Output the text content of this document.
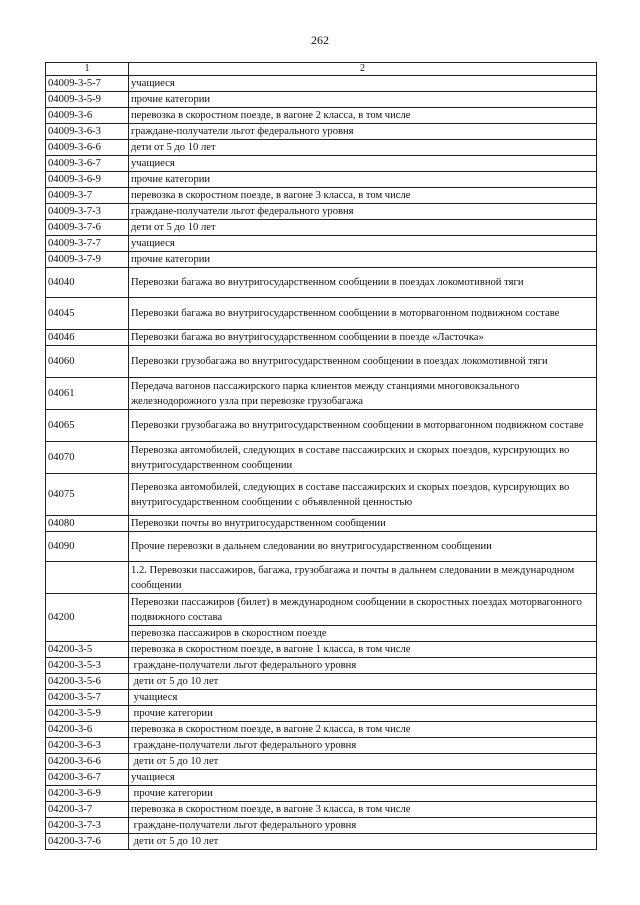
262
1	2
04009-3-5-7	учащиеся
04009-3-5-9	прочие категории
04009-3-6	перевозка в скоростном поезде, в вагоне 2 класса, в том числе
04009-3-6-3	граждане-получатели льгот федерального уровня
04009-3-6-6	дети от 5 до 10 лет
04009-3-6-7	учащиеся
04009-3-6-9	прочие категории
04009-3-7	перевозка в скоростном поезде, в вагоне 3 класса, в том числе
04009-3-7-3	граждане-получатели льгот федерального уровня
04009-3-7-6	дети от 5 до 10 лет
04009-3-7-7	учащиеся
04009-3-7-9	прочие категории
04040	Перевозки багажа во внутригосударственном сообщении в поездах локомотивной тяги
04045	Перевозки багажа во внутригосударственном сообщении в моторвагонном подвижном составе
04046	Перевозки багажа во внутригосударственном сообщении в поезде «Ласточка»
04060	Перевозки грузобагажа во внутригосударственном сообщении в поездах локомотивной тяги
04061	Передача вагонов пассажирского парка клиентов между станциями многовокзального железнодорожного узла при перевозке грузобагажа
04065	Перевозки грузобагажа во внутригосударственном сообщении в моторвагонном подвижном составе
04070	Перевозка автомобилей, следующих в составе пассажирских и скорых поездов, курсирующих во внутригосударственном сообщении
04075	Перевозка автомобилей, следующих в составе пассажирских и скорых поездов, курсирующих во внутригосударственном сообщении с объявленной ценностью
04080	Перевозки почты во внутригосударственном сообщении
04090	Прочие перевозки в дальнем следовании во внутригосударственном сообщении
	1.2. Перевозки пассажиров, багажа, грузобагажа и почты в дальнем следовании в международном сообщении
04200	Перевозки пассажиров (билет) в международном сообщении в скоростных поездах моторвагонного подвижного состава
	перевозка пассажиров в скоростном поезде
04200-3-5	перевозка в скоростном поезде, в вагоне 1 класса, в том числе
04200-3-5-3	граждане-получатели льгот федерального уровня
04200-3-5-6	дети от 5 до 10 лет
04200-3-5-7	учащиеся
04200-3-5-9	прочие категории
04200-3-6	перевозка в скоростном поезде, в вагоне 2 класса, в том числе
04200-3-6-3	граждане-получатели льгот федерального уровня
04200-3-6-6	дети от 5 до 10 лет
04200-3-6-7	учащиеся
04200-3-6-9	прочие категории
04200-3-7	перевозка в скоростном поезде, в вагоне 3 класса, в том числе
04200-3-7-3	граждане-получатели льгот федерального уровня
04200-3-7-6	дети от 5 до 10 лет
